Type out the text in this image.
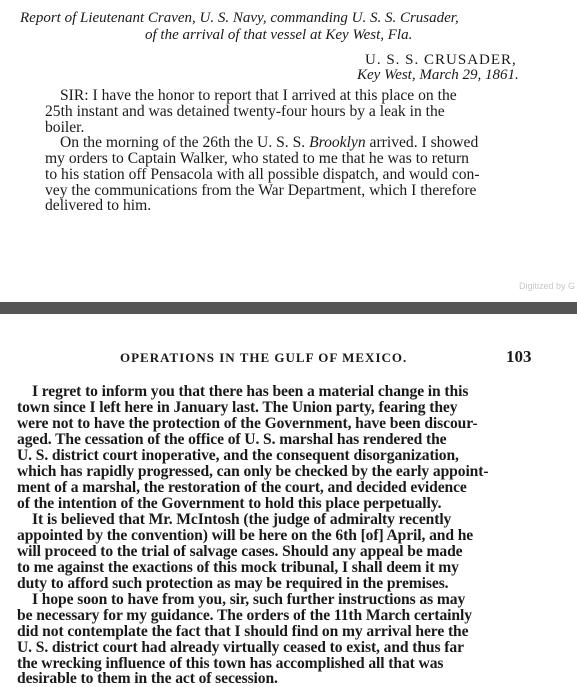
Report of Lieutenant Craven, U. S. Navy, commanding U. S. S. Crusader,
of the arrival of that vessel at Key West, Fla.
U. S. S. CRUSADER,
Key West, March 29, 1861.
SIR: I have the honor to report that I arrived at this place on the
25th instant and was detained twenty-four hours by a leak in the
boiler.
On the morning of the 26th the U. S. S. Brooklyn arrived. I showed
my orders to Captain Walker, who stated to me that he was to return
to his station off Pensacola with all possible dispatch, and would con-
vey the communications from the War Department, which I therefore
delivered to him.
Digitized by G
OPERATIONS IN THE GULF OF MEXICO.	103
I regret to inform you that there has been a material change in this
town since I left here in January last. The Union party, fearing they
were not to have the protection of the Government, have been discour-
aged. The cessation of the office of U. S. marshal has rendered the
U. S. district court inoperative, and the consequent disorganization,
which has rapidly progressed, can only be checked by the early appoint-
ment of a marshal, the restoration of the court, and decided evidence
of the intention of the Government to hold this place perpetually.
It is believed that Mr. McIntosh (the judge of admiralty recently
appointed by the convention) will be here on the 6th [of] April, and he
will proceed to the trial of salvage cases. Should any appeal be made
to me against the exactions of this mock tribunal, I shall deem it my
duty to afford such protection as may be required in the premises.
I hope soon to have from you, sir, such further instructions as may
be necessary for my guidance. The orders of the 11th March certainly
did not contemplate the fact that I should find on my arrival here the
U. S. district court had already virtually ceased to exist, and thus far
the wrecking influence of this town has accomplished all that was
desirable to them in the act of secession.
